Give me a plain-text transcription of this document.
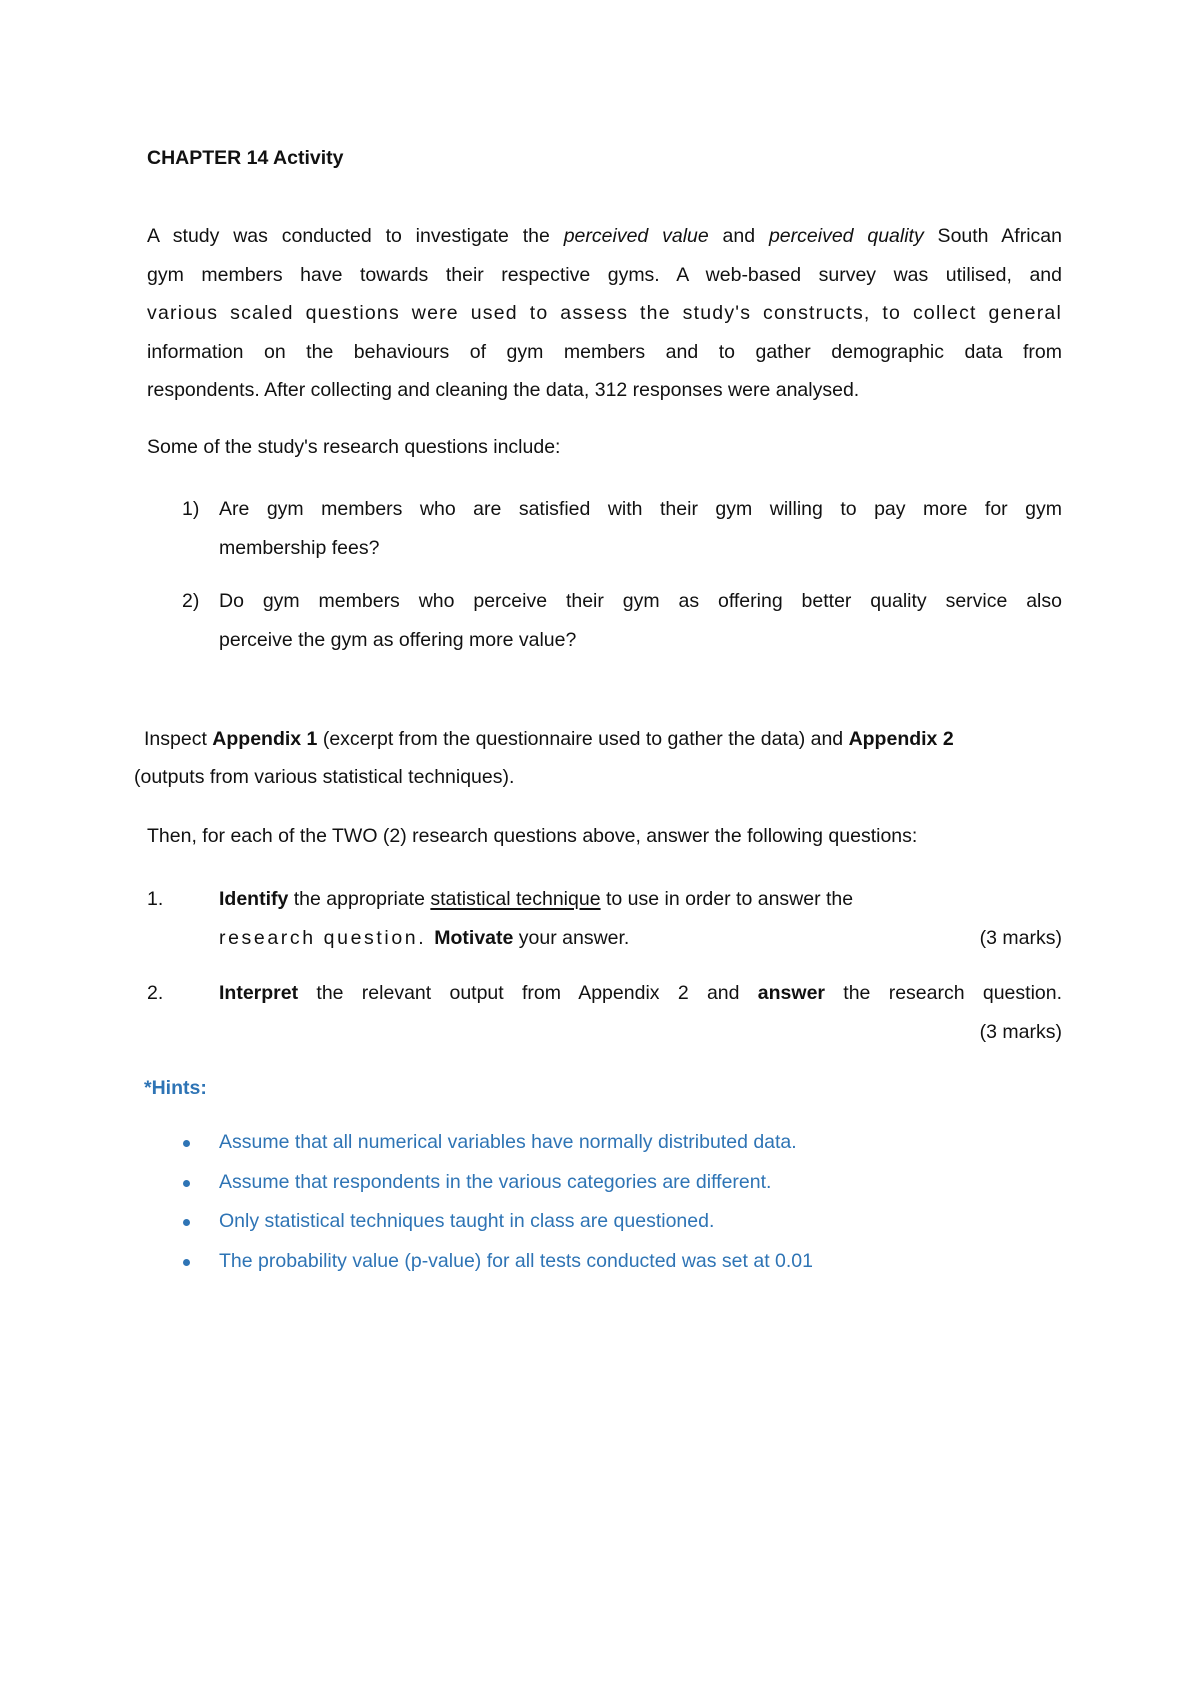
CHAPTER 14 Activity
A study was conducted to investigate the perceived value and perceived quality South African
gym members have towards their respective gyms. A web-based survey was utilised, and
various scaled questions were used to assess the study's constructs, to collect general
information on the behaviours of gym members and to gather demographic data from
respondents. After collecting and cleaning the data, 312 responses were analysed.
Some of the study's research questions include:
1) Are gym members who are satisfied with their gym willing to pay more for gym
membership fees?
2) Do gym members who perceive their gym as offering better quality service also
perceive the gym as offering more value?
Inspect Appendix 1 (excerpt from the questionnaire used to gather the data) and Appendix 2
(outputs from various statistical techniques).
Then, for each of the TWO (2) research questions above, answer the following questions:
1.	Identify the appropriate statistical technique to use in order to answer the
research question. Motivate your answer.	(3 marks)
2.	Interpret the relevant output from Appendix 2 and answer the research question.
(3 marks)
*Hints:
Assume that all numerical variables have normally distributed data.
Assume that respondents in the various categories are different.
Only statistical techniques taught in class are questioned.
The probability value (p-value) for all tests conducted was set at 0.01
